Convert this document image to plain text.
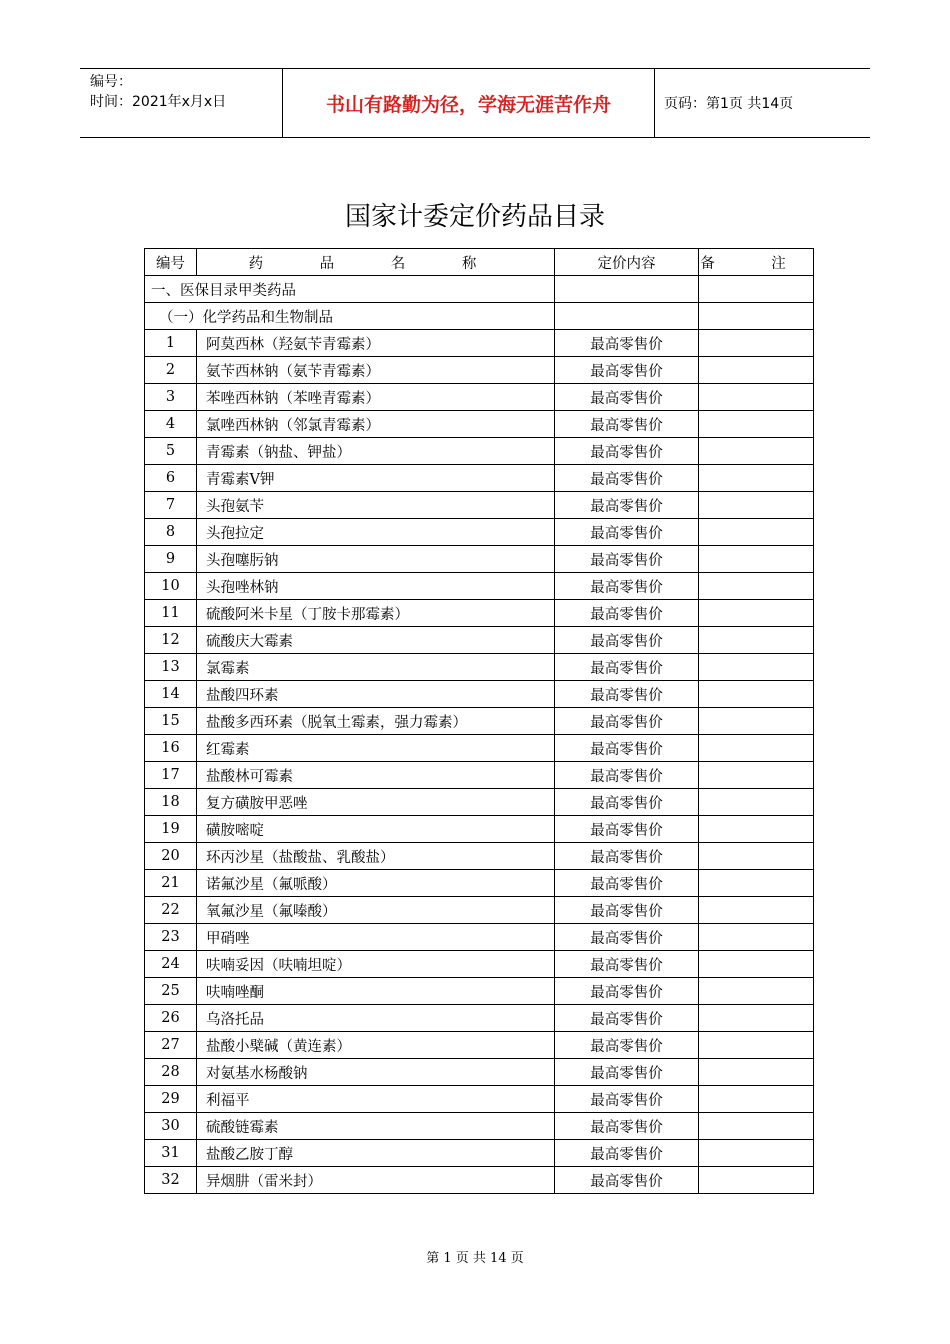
编号：
时间：2021年x月x日	书山有路勤为径，学海无涯苦作舟	页码：第1页 共14页
国家计委定价药品目录
编号	药 品 名 称	定价内容	备 注
一、医保目录甲类药品			
（一）化学药品和生物制品			
1	阿莫西林（羟氨苄青霉素）	最高零售价	
2	氨苄西林钠（氨苄青霉素）	最高零售价	
3	苯唑西林钠（苯唑青霉素）	最高零售价	
4	氯唑西林钠（邻氯青霉素）	最高零售价	
5	青霉素（钠盐、钾盐）	最高零售价	
6	青霉素V钾	最高零售价	
7	头孢氨苄	最高零售价	
8	头孢拉定	最高零售价	
9	头孢噻肟钠	最高零售价	
10	头孢唑林钠	最高零售价	
11	硫酸阿米卡星（丁胺卡那霉素）	最高零售价	
12	硫酸庆大霉素	最高零售价	
13	氯霉素	最高零售价	
14	盐酸四环素	最高零售价	
15	盐酸多西环素（脱氧土霉素，强力霉素）	最高零售价	
16	红霉素	最高零售价	
17	盐酸林可霉素	最高零售价	
18	复方磺胺甲恶唑	最高零售价	
19	磺胺嘧啶	最高零售价	
20	环丙沙星（盐酸盐、乳酸盐）	最高零售价	
21	诺氟沙星（氟哌酸）	最高零售价	
22	氧氟沙星（氟嗪酸）	最高零售价	
23	甲硝唑	最高零售价	
24	呋喃妥因（呋喃坦啶）	最高零售价	
25	呋喃唑酮	最高零售价	
26	乌洛托品	最高零售价	
27	盐酸小檗碱（黄连素）	最高零售价	
28	对氨基水杨酸钠	最高零售价	
29	利福平	最高零售价	
30	硫酸链霉素	最高零售价	
31	盐酸乙胺丁醇	最高零售价	
32	异烟肼（雷米封）	最高零售价	
第 1 页 共 14 页
